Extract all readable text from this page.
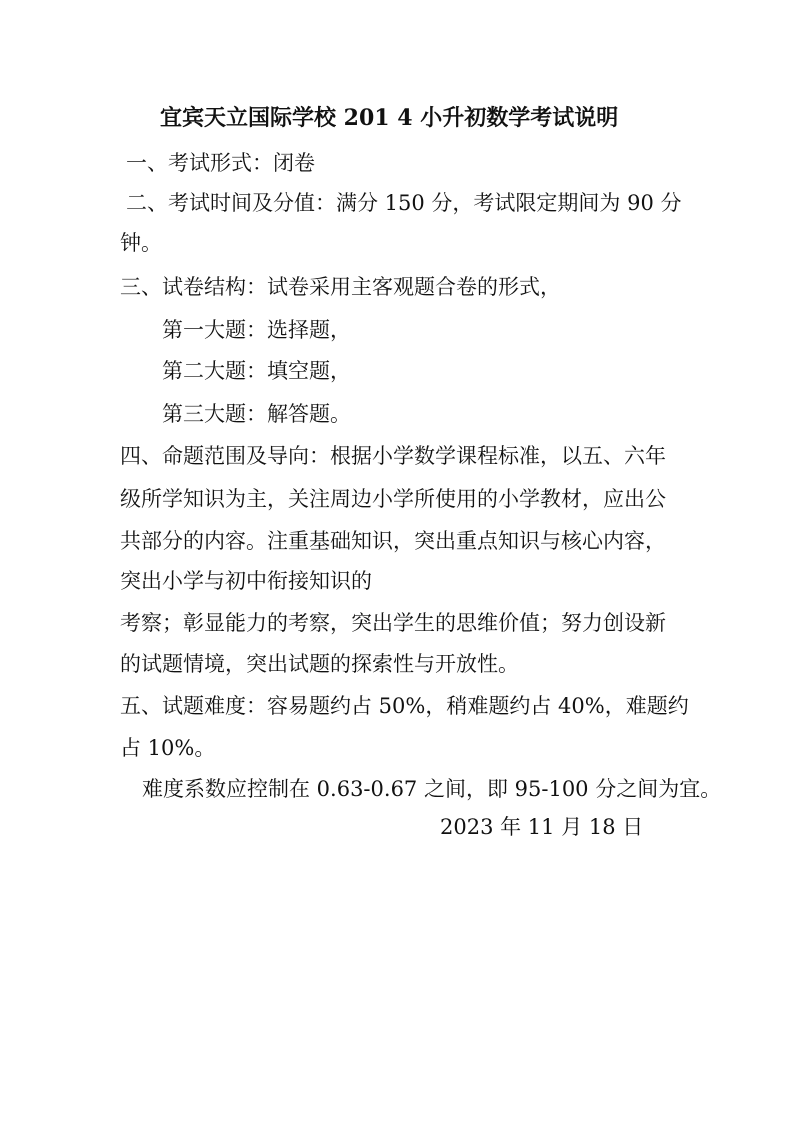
宜宾天立国际学校 201 4 小升初数学考试说明
一、考试形式：闭卷
二、考试时间及分值：满分 150 分，考试限定期间为 90 分
钟。
三、试卷结构：试卷采用主客观题合卷的形式，
第一大题：选择题，
第二大题：填空题，
第三大题：解答题。
四、命题范围及导向：根据小学数学课程标准，以五、六年
级所学知识为主，关注周边小学所使用的小学教材，应出公
共部分的内容。注重基础知识，突出重点知识与核心内容，
突出小学与初中衔接知识的
考察；彰显能力的考察，突出学生的思维价值；努力创设新
的试题情境，突出试题的探索性与开放性。
五、试题难度：容易题约占 50%，稍难题约占 40%，难题约
占 10%。
难度系数应控制在 0.63-0.67 之间，即 95-100 分之间为宜。
2023 年 11 月 18 日
